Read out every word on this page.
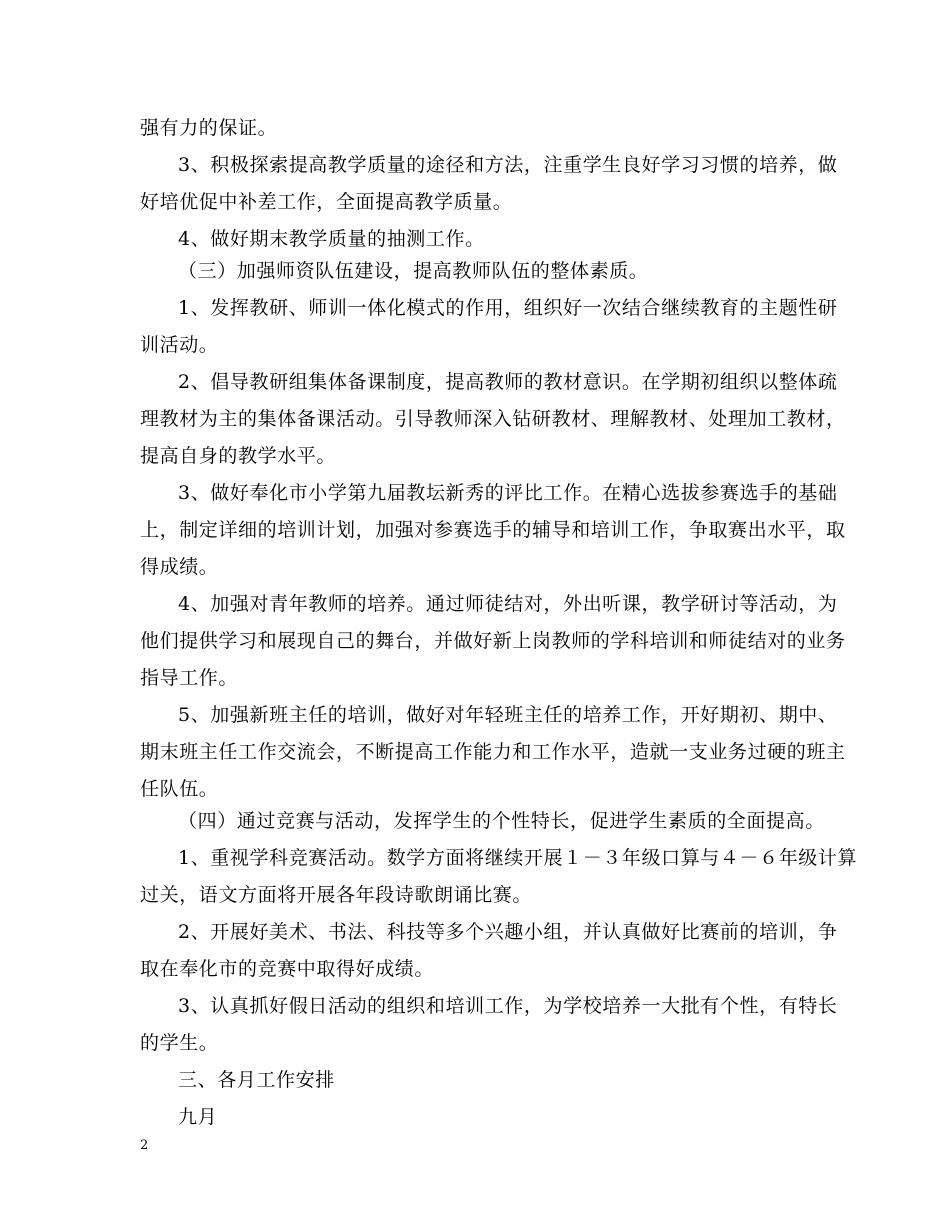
强有力的保证。
3、积极探索提高教学质量的途径和方法，注重学生良好学习习惯的培养，做
好培优促中补差工作，全面提高教学质量。
4、做好期末教学质量的抽测工作。
（三）加强师资队伍建设，提高教师队伍的整体素质。
1、发挥教研、师训一体化模式的作用，组织好一次结合继续教育的主题性研
训活动。
2、倡导教研组集体备课制度，提高教师的教材意识。在学期初组织以整体疏
理教材为主的集体备课活动。引导教师深入钻研教材、理解教材、处理加工教材，
提高自身的教学水平。
3、做好奉化市小学第九届教坛新秀的评比工作。在精心选拔参赛选手的基础
上，制定详细的培训计划，加强对参赛选手的辅导和培训工作，争取赛出水平，取
得成绩。
4、加强对青年教师的培养。通过师徒结对，外出听课，教学研讨等活动，为
他们提供学习和展现自己的舞台，并做好新上岗教师的学科培训和师徒结对的业务
指导工作。
5、加强新班主任的培训，做好对年轻班主任的培养工作，开好期初、期中、
期末班主任工作交流会，不断提高工作能力和工作水平，造就一支业务过硬的班主
任队伍。
（四）通过竞赛与活动，发挥学生的个性特长，促进学生素质的全面提高。
1、重视学科竞赛活动。数学方面将继续开展１－３年级口算与４－６年级计算
过关，语文方面将开展各年段诗歌朗诵比赛。
2、开展好美术、书法、科技等多个兴趣小组，并认真做好比赛前的培训，争
取在奉化市的竞赛中取得好成绩。
3、认真抓好假日活动的组织和培训工作，为学校培养一大批有个性，有特长
的学生。
三、各月工作安排
九月
2
